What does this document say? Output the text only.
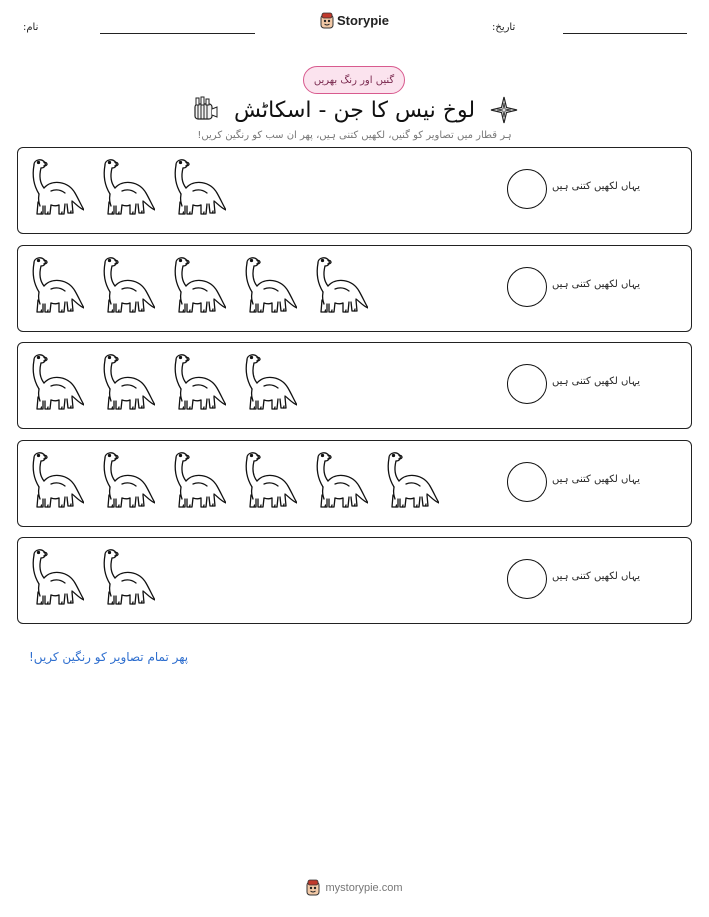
نام:	Storypie	تاریخ:
گنیں اور رنگ بھریں
لوخ نیس کا جن - اسکاٹش
ہر قطار میں تصاویر کو گنیں، لکھیں کتنی ہیں، پھر ان سب کو رنگین کریں!
یہاں لکھیں کتنی ہیں
یہاں لکھیں کتنی ہیں
یہاں لکھیں کتنی ہیں
یہاں لکھیں کتنی ہیں
یہاں لکھیں کتنی ہیں
پھر تمام تصاویر کو رنگین کریں!
mystorypie.com
